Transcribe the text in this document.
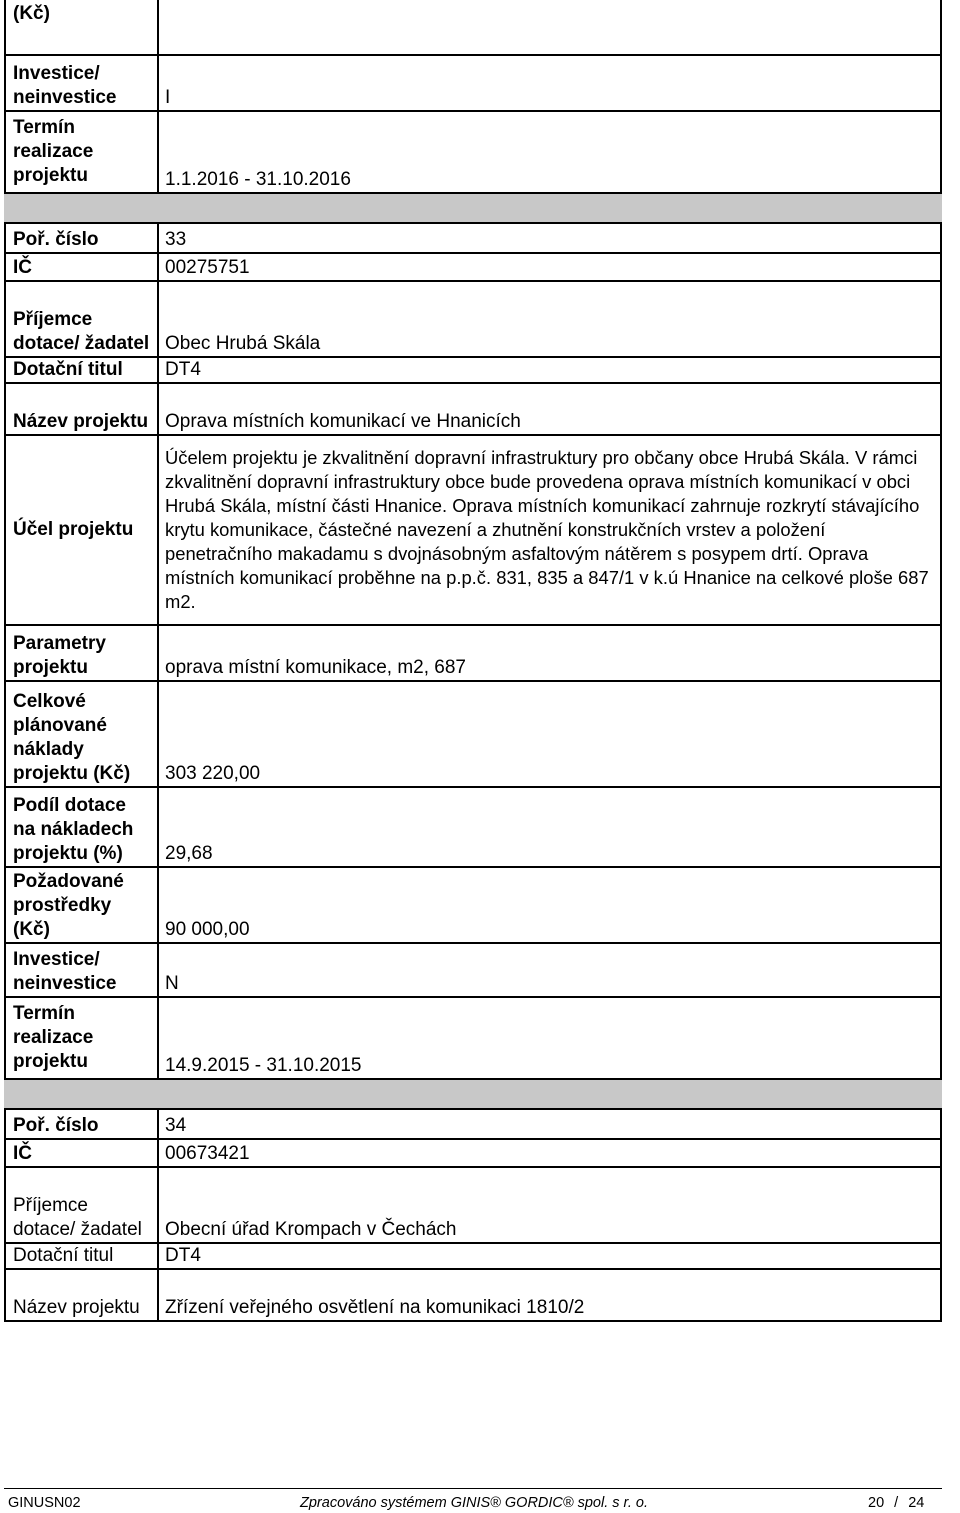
(Kč)	
Investice/ neinvestice	I
Termín realizace projektu	1.1.2016 - 31.10.2016

Poř. číslo	33
IČ	00275751
Příjemce dotace/ žadatel	Obec Hrubá Skála
Dotační titul	DT4
Název projektu	Oprava místních komunikací ve Hnanicích
Účel projektu	Účelem projektu je zkvalitnění dopravní infrastruktury pro občany obce Hrubá Skála. V rámci zkvalitnění dopravní infrastruktury obce bude provedena oprava místních komunikací v obci Hrubá Skála, místní části Hnanice. Oprava místních komunikací zahrnuje rozkrytí stávajícího krytu komunikace, částečné navezení a zhutnění konstrukčních vrstev a položení penetračního makadamu s dvojnásobným asfaltovým nátěrem s posypem drtí. Oprava místních komunikací proběhne na p.p.č. 831, 835 a 847/1 v k.ú Hnanice na celkové ploše 687 m2.
Parametry projektu	oprava místní komunikace, m2, 687
Celkové plánované náklady projektu (Kč)	303 220,00
Podíl dotace na nákladech projektu (%)	29,68
Požadované prostředky (Kč)	90 000,00
Investice/ neinvestice	N
Termín realizace projektu	14.9.2015 - 31.10.2015

Poř. číslo	34
IČ	00673421
Příjemce dotace/ žadatel	Obecní úřad Krompach v Čechách
Dotační titul	DT4
Název projektu	Zřízení veřejného osvětlení na komunikaci 1810/2
GINUSN02	Zpracováno systémem GINIS® GORDIC® spol. s r. o.	20 / 24
